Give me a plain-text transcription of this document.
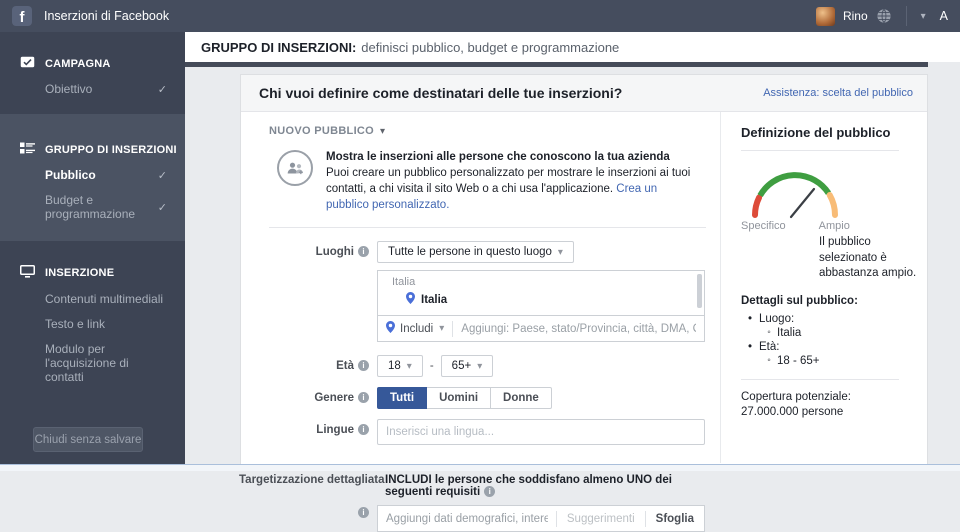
f	Inserzioni di Facebook	Rino	▾ A
GRUPPO DI INSERZIONI: definisci pubblico, budget e programmazione
CAMPAGNA
Obiettivo
✓
GRUPPO DI INSERZIONI
Pubblico
✓
Budget e programmazione
✓
INSERZIONE
Contenuti multimediali
Testo e link
Modulo per l'acquisizione di contatti
Chiudi senza salvare
Chi vuoi definire come destinatari delle tue inserzioni?	Assistenza: scelta del pubblico
NUOVO PUBBLICO ▾
Mostra le inserzioni alle persone che conoscono la tua azienda
Puoi creare un pubblico personalizzato per mostrare le inserzioni ai tuoi contatti, a chi visita il sito Web o a chi usa l'applicazione. Crea un pubblico personalizzato.
Luoghi i	Tutte le persone in questo luogo ▾
Italia
Italia
Includi ▾
Aggiungi: Paese, stato/Provincia, città, DMA, CAP o indirizzo
Età i	18 ▾ - 65+ ▾
Genere i	Tutti	Uomini	Donne
Lingue i
Inserisci una lingua...
Targetizzazione dettagliata INCLUDI le persone che soddisfano almeno UNO dei seguenti requisiti i
i
Aggiungi dati demografici, interessi o comportamenti	Suggerimenti Sfoglia
Definizione del pubblico
Specifico	Ampio
Il pubblico selezionato è abbastanza ampio.
Dettagli sul pubblico:
• Luogo:
◦ Italia
• Età:
◦ 18 - 65+
Copertura potenziale: 27.000.000 persone
